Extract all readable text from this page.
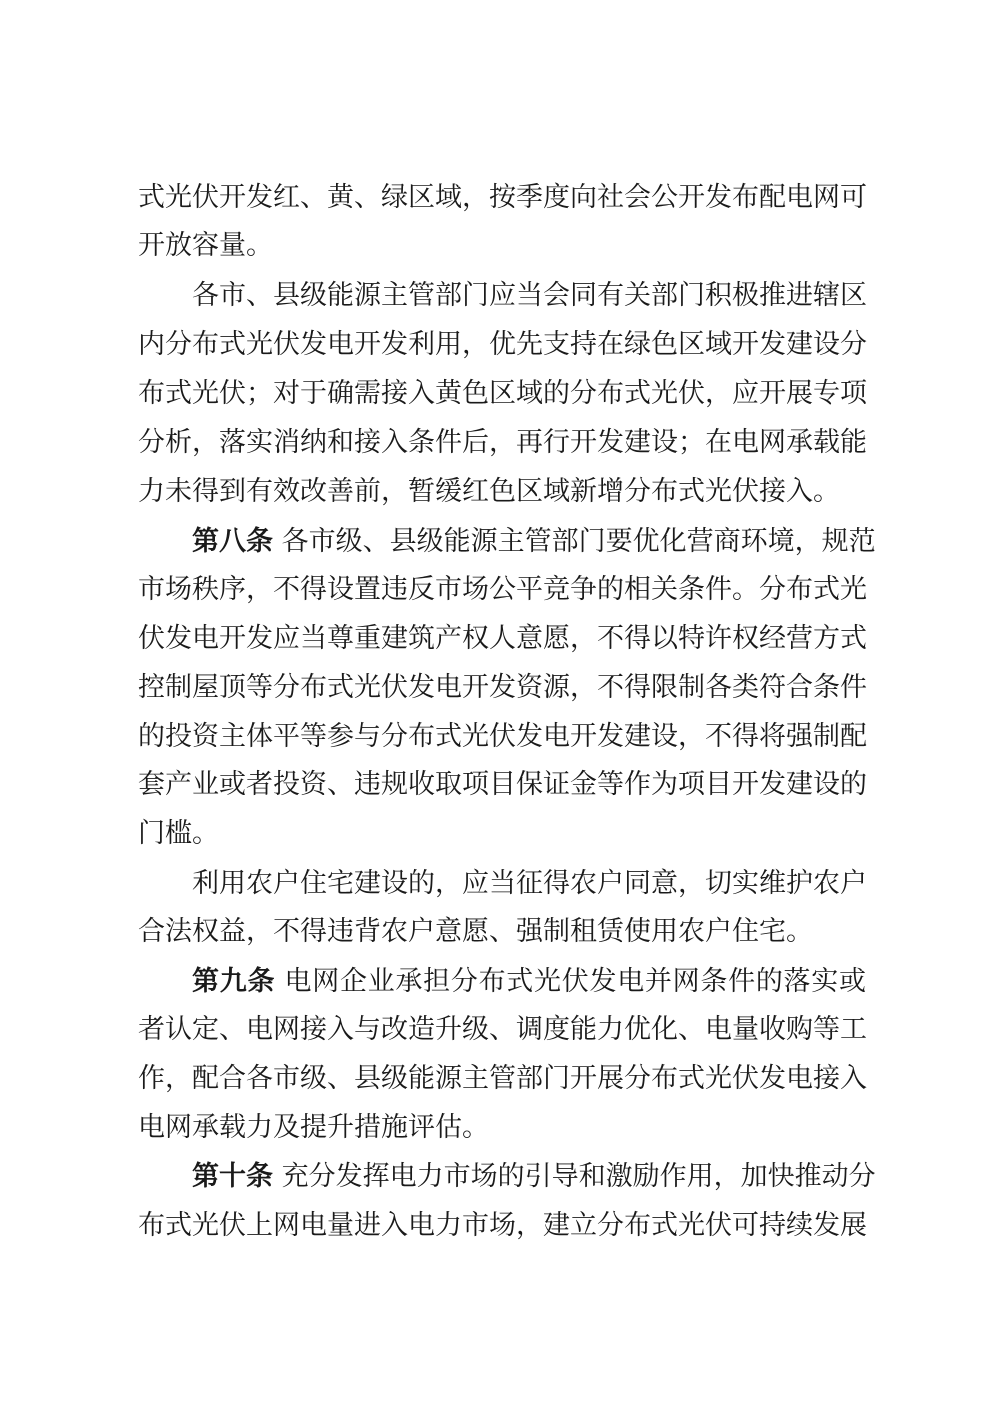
式光伏开发红、黄、绿区域，按季度向社会公开发布配电网可
开放容量。
各市、县级能源主管部门应当会同有关部门积极推进辖区
内分布式光伏发电开发利用，优先支持在绿色区域开发建设分
布式光伏；对于确需接入黄色区域的分布式光伏，应开展专项
分析，落实消纳和接入条件后，再行开发建设；在电网承载能
力未得到有效改善前，暂缓红色区域新增分布式光伏接入。
第八条 各市级、县级能源主管部门要优化营商环境，规范
市场秩序，不得设置违反市场公平竞争的相关条件。分布式光
伏发电开发应当尊重建筑产权人意愿，不得以特许权经营方式
控制屋顶等分布式光伏发电开发资源，不得限制各类符合条件
的投资主体平等参与分布式光伏发电开发建设，不得将强制配
套产业或者投资、违规收取项目保证金等作为项目开发建设的
门槛。
利用农户住宅建设的，应当征得农户同意，切实维护农户
合法权益，不得违背农户意愿、强制租赁使用农户住宅。
第九条 电网企业承担分布式光伏发电并网条件的落实或
者认定、电网接入与改造升级、调度能力优化、电量收购等工
作，配合各市级、县级能源主管部门开展分布式光伏发电接入
电网承载力及提升措施评估。
第十条 充分发挥电力市场的引导和激励作用，加快推动分
布式光伏上网电量进入电力市场，建立分布式光伏可持续发展
